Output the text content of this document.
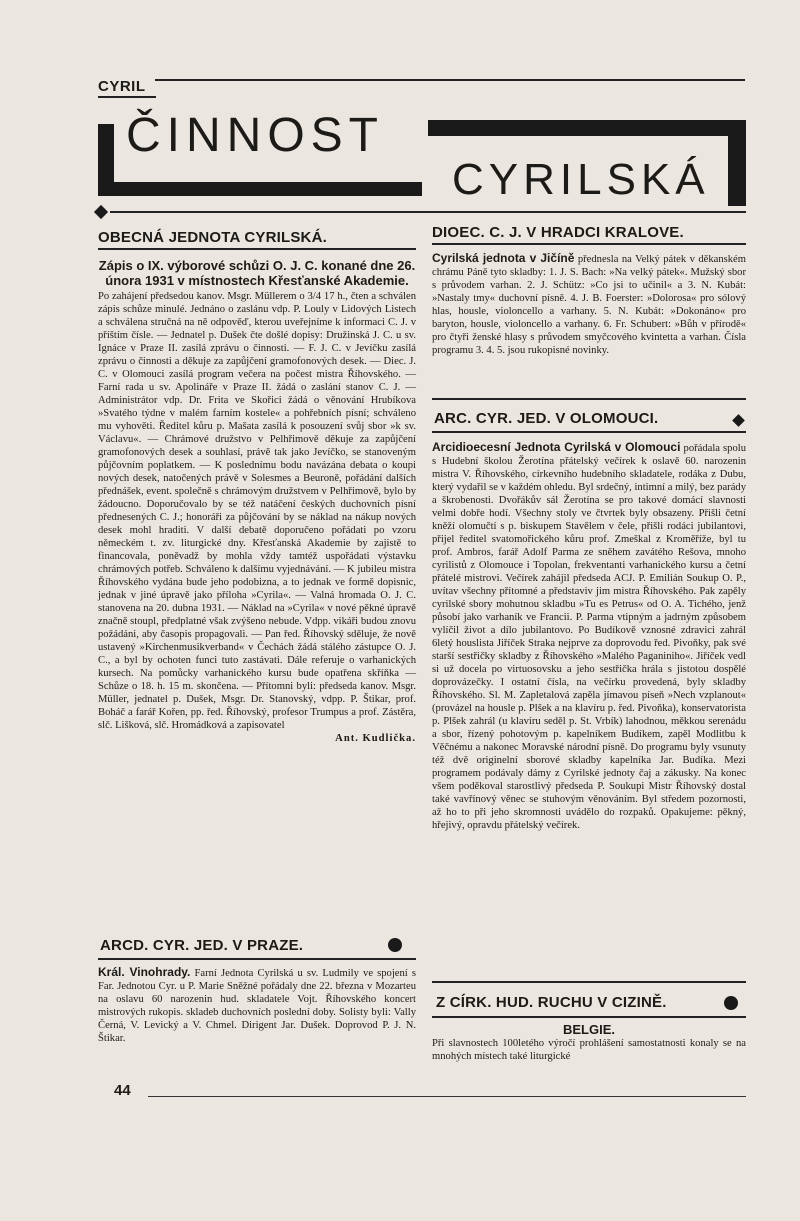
CYRIL
ČINNOST
CYRILSKÁ
OBECNÁ JEDNOTA CYRILSKÁ.
Zápis o IX. výborové schůzi O. J. C. konané dne 26. února 1931 v místnostech Křesťanské Akademie.

Po zahájení předsedou kanov. Msgr. Müllerem o 3/4 17 h., čten a schválen zápis schůze minulé. Jednáno o zaslánu vdp. P. Louly v Lidových Listech a schválena stručná na ně odpověď, kterou uveřejníme k informaci C. J. v příštím čísle. — Jednatel p. Dušek čte došlé dopisy: Družinská J. C. u sv. Ignáce v Praze II. zasílá zprávu o činnosti. — F. J. C. v Jevíčku zasílá zprávu o činnosti a děkuje za zapůjčení gramofonových desek. — Diec. J. C. v Olomouci zasílá program večera na počest mistra Říhovského. — Farní rada u sv. Apolináře v Praze II. žádá o zaslání stanov C. J. — Administrátor vdp. Dr. Frita ve Skořici žádá o věnování Hrubíkova »Svatého týdne v malém farním kostele« a pohřebních písní; schváleno mu vyhověti. Ředitel kůru p. Mašata zasílá k posouzení svůj sbor »k sv. Václavu«. — Chrámové družstvo v Pelhřimově děkuje za zapůjčení gramofonových desek a souhlasí, právě tak jako Jevíčko, se stanoveným půjčovním poplatkem. — K poslednímu bodu navázána debata o koupi nových desek, natočených právě v Solesmes a Beuroně, pořádání dalších přednášek, event. společně s chrámovým družstvem v Pelhřimově, bylo by žádoucno. Doporučovalo by se též natáčení českých duchovních písní přednesených C. J.; honoráři za půjčování by se náklad na nákup nových desek mohl hraditi. V další debatě doporučeno pořádati po vzoru německém t. zv. liturgické dny. Křesťanská Akademie by zajistě to financovala, poněvadž by mohla vždy tamtéž uspořádati výstavku chrámových potřeb. Schváleno k dalšímu vyjednávání. — K jubileu mistra Říhovského vydána bude jeho podobizna, a to jednak ve formě dopisnic, jednak v jiné úpravě jako příloha »Cyrila«. — Valná hromada O. J. C. stanovena na 20. dubna 1931. — Náklad na »Cyrila« v nové pěkné úpravě značně stoupl, předplatné však zvýšeno nebude. Vdpp. vikáři budou znovu požádáni, aby časopis propagovali. — Pan řed. Říhovský sděluje, že nově ustavený »Kirchenmusikverband« v Čechách žádá stálého zástupce O. J. C., a byl by ochoten funci tuto zastávati. Dále referuje o varhanických kursech. Na pomůcky varhanického kursu bude opatřena skříňka — Schůze o 18. h. 15 m. skončena. — Přítomni byli: předseda kanov. Msgr. Müller, jednatel p. Dušek, Msgr. Dr. Stanovský, vdpp. P. Štikar, prof. Boháč a farář Kořen, pp. řed. Říhovský, profesor Trumpus a prof. Zástěra, slč. Lišková, slč. Hromádková a zapisovatel

Ant. Kudlička.

ARCD. CYR. JED. V PRAZE.

Král. Vinohrady. Farní Jednota Cyrilská u sv. Ludmily ve spojení s Far. Jednotou Cyr. u P. Marie Sněžné pořádaly dne 22. března v Mozarteu na oslavu 60 narozenin hud. skladatele Vojt. Říhovského koncert mistrových rukopis. skladeb duchovních poslední doby. Solisty byli: Vally Černá, V. Levický a V. Chmel. Dirigent Jar. Dušek. Doprovod P. J. N. Štikar.

44
DIOEC. C. J. V HRADCI KRALOVE.

Cyrilská jednota v Jičíně přednesla na Velký pátek v děkanském chrámu Páně tyto skladby: 1. J. S. Bach: »Na velký pátek«. Mužský sbor s průvodem varhan. 2. J. Schütz: »Co jsi to učinil« a 3. N. Kubát: »Nastaly tmy« duchovní písně. 4. J. B. Foerster: »Dolorosa« pro sólový hlas, housle, violoncello a varhany. 5. N. Kubát: »Dokonáno« pro baryton, housle, violoncello a varhany. 6. Fr. Schubert: »Bůh v přírodě« pro čtyři ženské hlasy s průvodem smyčcového kvintetta a varhan. Čísla programu 3. 4. 5. jsou rukopisné novinky.

ARC. CYR. JED. V OLOMOUCI.

Arcidioecesní Jednota Cyrilská v Olomouci pořádala spolu s Hudební školou Žerotína přátelský večírek k oslavě 60. narozenin mistra V. Říhovského, církevního hudebního skladatele, rodáka z Dubu, který vydařil se v každém ohledu. Byl srdečný, intimní a milý, bez parády a škrobenosti. Dvořákův sál Žerotína se pro takové domácí slavnosti velmi dobře hodí. Všechny stoly ve čtvrtek byly obsazeny. Přišli četní kněží olomučtí s p. biskupem Stavělem v čele, přišli rodáci jubilantovi, přijel ředitel svatomořického kůru prof. Zmeškal z Kroměříže, byl tu prof. Ambros, farář Adolf Parma ze sněhem zavátého Rešova, mnoho cyrilistů z Olomouce i Topolan, frekventanti varhanického kursu a četní přátelé mistrovi. Večírek zahájil předseda ACJ. P. Emilián Soukup O. P., uvítav všechny přítomné a představiv jim mistra Říhovského. Pak zapěly cyrilské sbory mohutnou skladbu »Tu es Petrus« od O. A. Tichého, jenž působí jako varhaník ve Francii. P. Parma vtipným a jadrným způsobem vylíčil život a dílo jubilantovo. Po Budíkově vznosné zdravici zahrál 6letý houslista Jiříček Straka nejprve za doprovodu řed. Pivoňky, pak své starší sestřičky skladby z Říhovského »Malého Paganiniho«. Jiříček vedl si už docela po virtuosovsku a jeho sestřička hrála s jistotou dospělé doprovázečky. I ostatní čísla, na večírku provedená, byly skladby Říhovského. Sl. M. Zapletalová zapěla jímavou píseň »Nech vzplanout« (provázel na housle p. Plšek a na klavíru p. řed. Pivoňka), konservatorista p. Plšek zahrál (u klavíru seděl p. St. Vrbík) lahodnou, měkkou serenádu a sbor, řízený pohotovým p. kapelníkem Budíkem, zapěl Modlitbu k Věčnému a nakonec Moravské národní písně. Do programu byly vsunuty též dvě originelní sborové skladby kapelníka Jar. Budíka. Mezi programem podávaly dámy z Cyrilské jednoty čaj a zákusky. Na konec všem poděkoval starostlivý předseda P. Soukupi Mistr Říhovský dostal také vavřínový věnec se stuhovým věnováním. Byl středem pozornosti, až ho to při jeho skromnosti uvádělo do rozpaků. Opakujeme: pěkný, hřejivý, opravdu přátelský večírek.

Z CÍRK. HUD. RUCHU V CIZINĚ.
BELGIE.

Při slavnostech 100letého výročí prohlášení samostatnosti konaly se na mnohých místech také liturgické
